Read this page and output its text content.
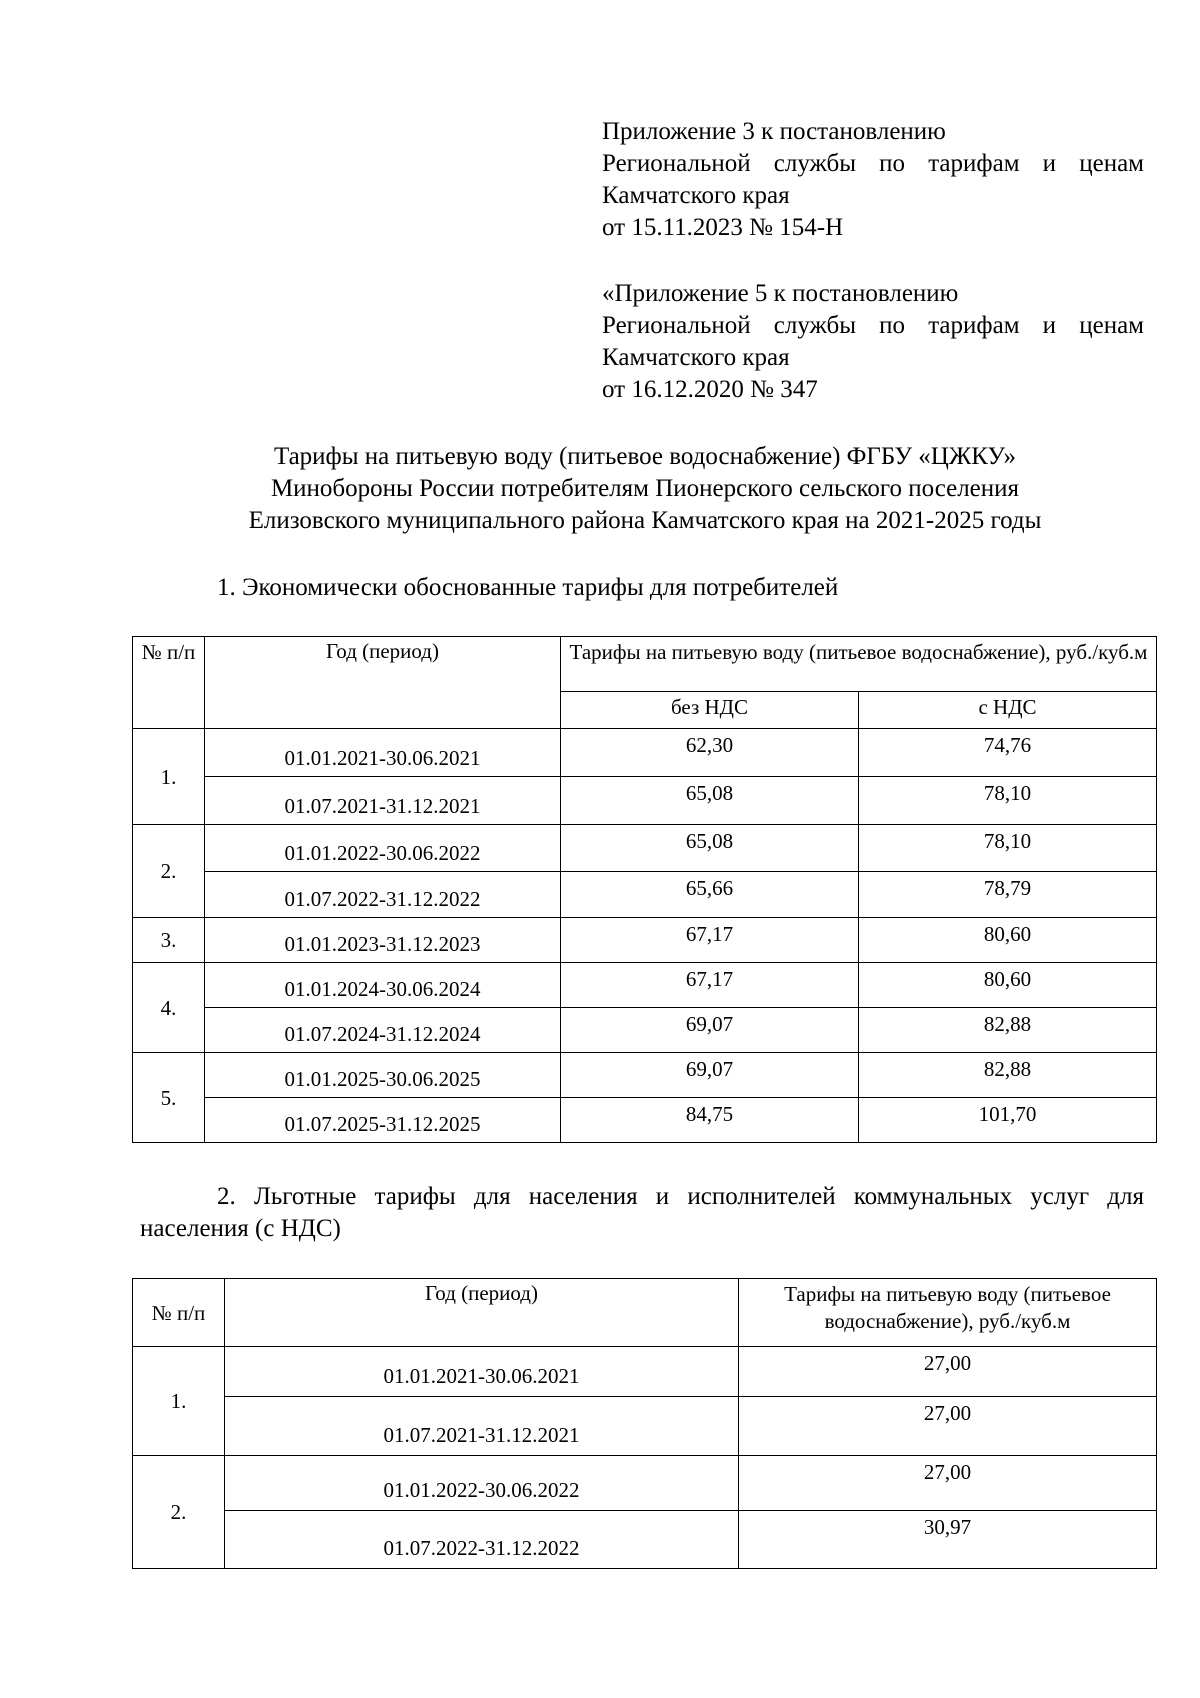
Приложение 3 к постановлению
Региональной службы по тарифам и ценам
Камчатского края
от 15.11.2023 № 154-Н
«Приложение 5 к постановлению
Региональной службы по тарифам и ценам
Камчатского края
от 16.12.2020 № 347
Тарифы на питьевую воду (питьевое водоснабжение) ФГБУ «ЦЖКУ»
Минобороны России потребителям Пионерского сельского поселения
Елизовского муниципального района Камчатского края на 2021-2025 годы
1. Экономически обоснованные тарифы для потребителей
№ п/п	Год (период)	Тарифы на питьевую воду (питьевое водоснабжение), руб./куб.м	
		без НДС	с НДС
1.	01.01.2021-30.06.2021	62,30	74,76
	01.07.2021-31.12.2021	65,08	78,10
2.	01.01.2022-30.06.2022	65,08	78,10
	01.07.2022-31.12.2022	65,66	78,79
3.	01.01.2023-31.12.2023	67,17	80,60
4.	01.01.2024-30.06.2024	67,17	80,60
	01.07.2024-31.12.2024	69,07	82,88
5.	01.01.2025-30.06.2025	69,07	82,88
	01.07.2025-31.12.2025	84,75	101,70
2. Льготные тарифы для населения и исполнителей коммунальных услуг для
населения (с НДС)
№ п/п	Год (период)	Тарифы на питьевую воду (питьевое водоснабжение), руб./куб.м
1.	01.01.2021-30.06.2021	27,00
	01.07.2021-31.12.2021	27,00
2.	01.01.2022-30.06.2022	27,00
	01.07.2022-31.12.2022	30,97
